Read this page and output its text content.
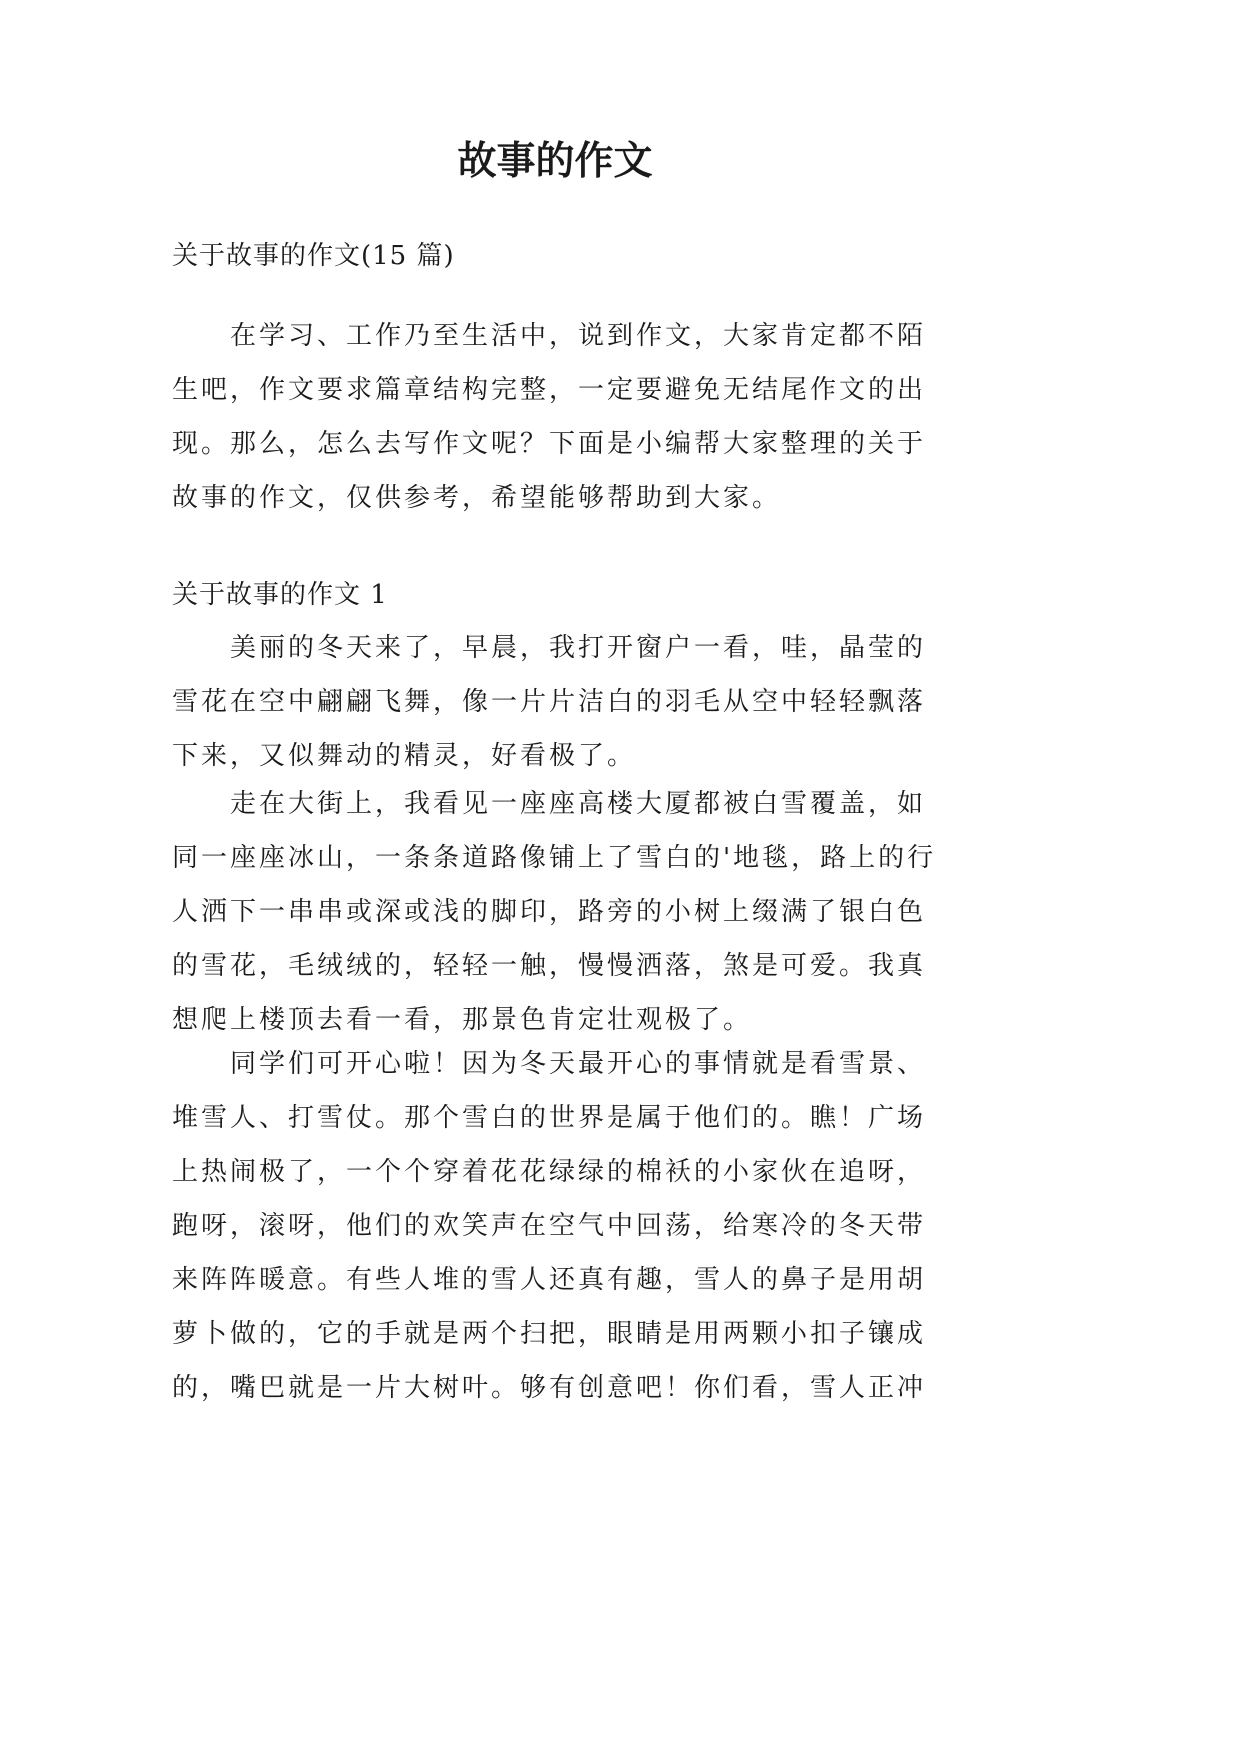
故事的作文

关于故事的作文(15 篇)

在学习、工作乃至生活中，说到作文，大家肯定都不陌生吧，作文要求篇章结构完整，一定要避免无结尾作文的出现。那么，怎么去写作文呢？下面是小编帮大家整理的关于故事的作文，仅供参考，希望能够帮助到大家。

关于故事的作文 1

美丽的冬天来了，早晨，我打开窗户一看，哇，晶莹的雪花在空中翩翩飞舞，像一片片洁白的羽毛从空中轻轻飘落下来，又似舞动的精灵，好看极了。

走在大街上，我看见一座座高楼大厦都被白雪覆盖，如同一座座冰山，一条条道路像铺上了雪白的'地毯，路上的行人洒下一串串或深或浅的脚印，路旁的小树上缀满了银白色的雪花，毛绒绒的，轻轻一触，慢慢洒落，煞是可爱。我真想爬上楼顶去看一看，那景色肯定壮观极了。

同学们可开心啦！因为冬天最开心的事情就是看雪景、堆雪人、打雪仗。那个雪白的世界是属于他们的。瞧！广场上热闹极了，一个个穿着花花绿绿的棉袄的小家伙在追呀，跑呀，滚呀，他们的欢笑声在空气中回荡，给寒冷的冬天带来阵阵暖意。有些人堆的雪人还真有趣，雪人的鼻子是用胡萝卜做的，它的手就是两个扫把，眼睛是用两颗小扣子镶成的，嘴巴就是一片大树叶。够有创意吧！你们看，雪人正冲
